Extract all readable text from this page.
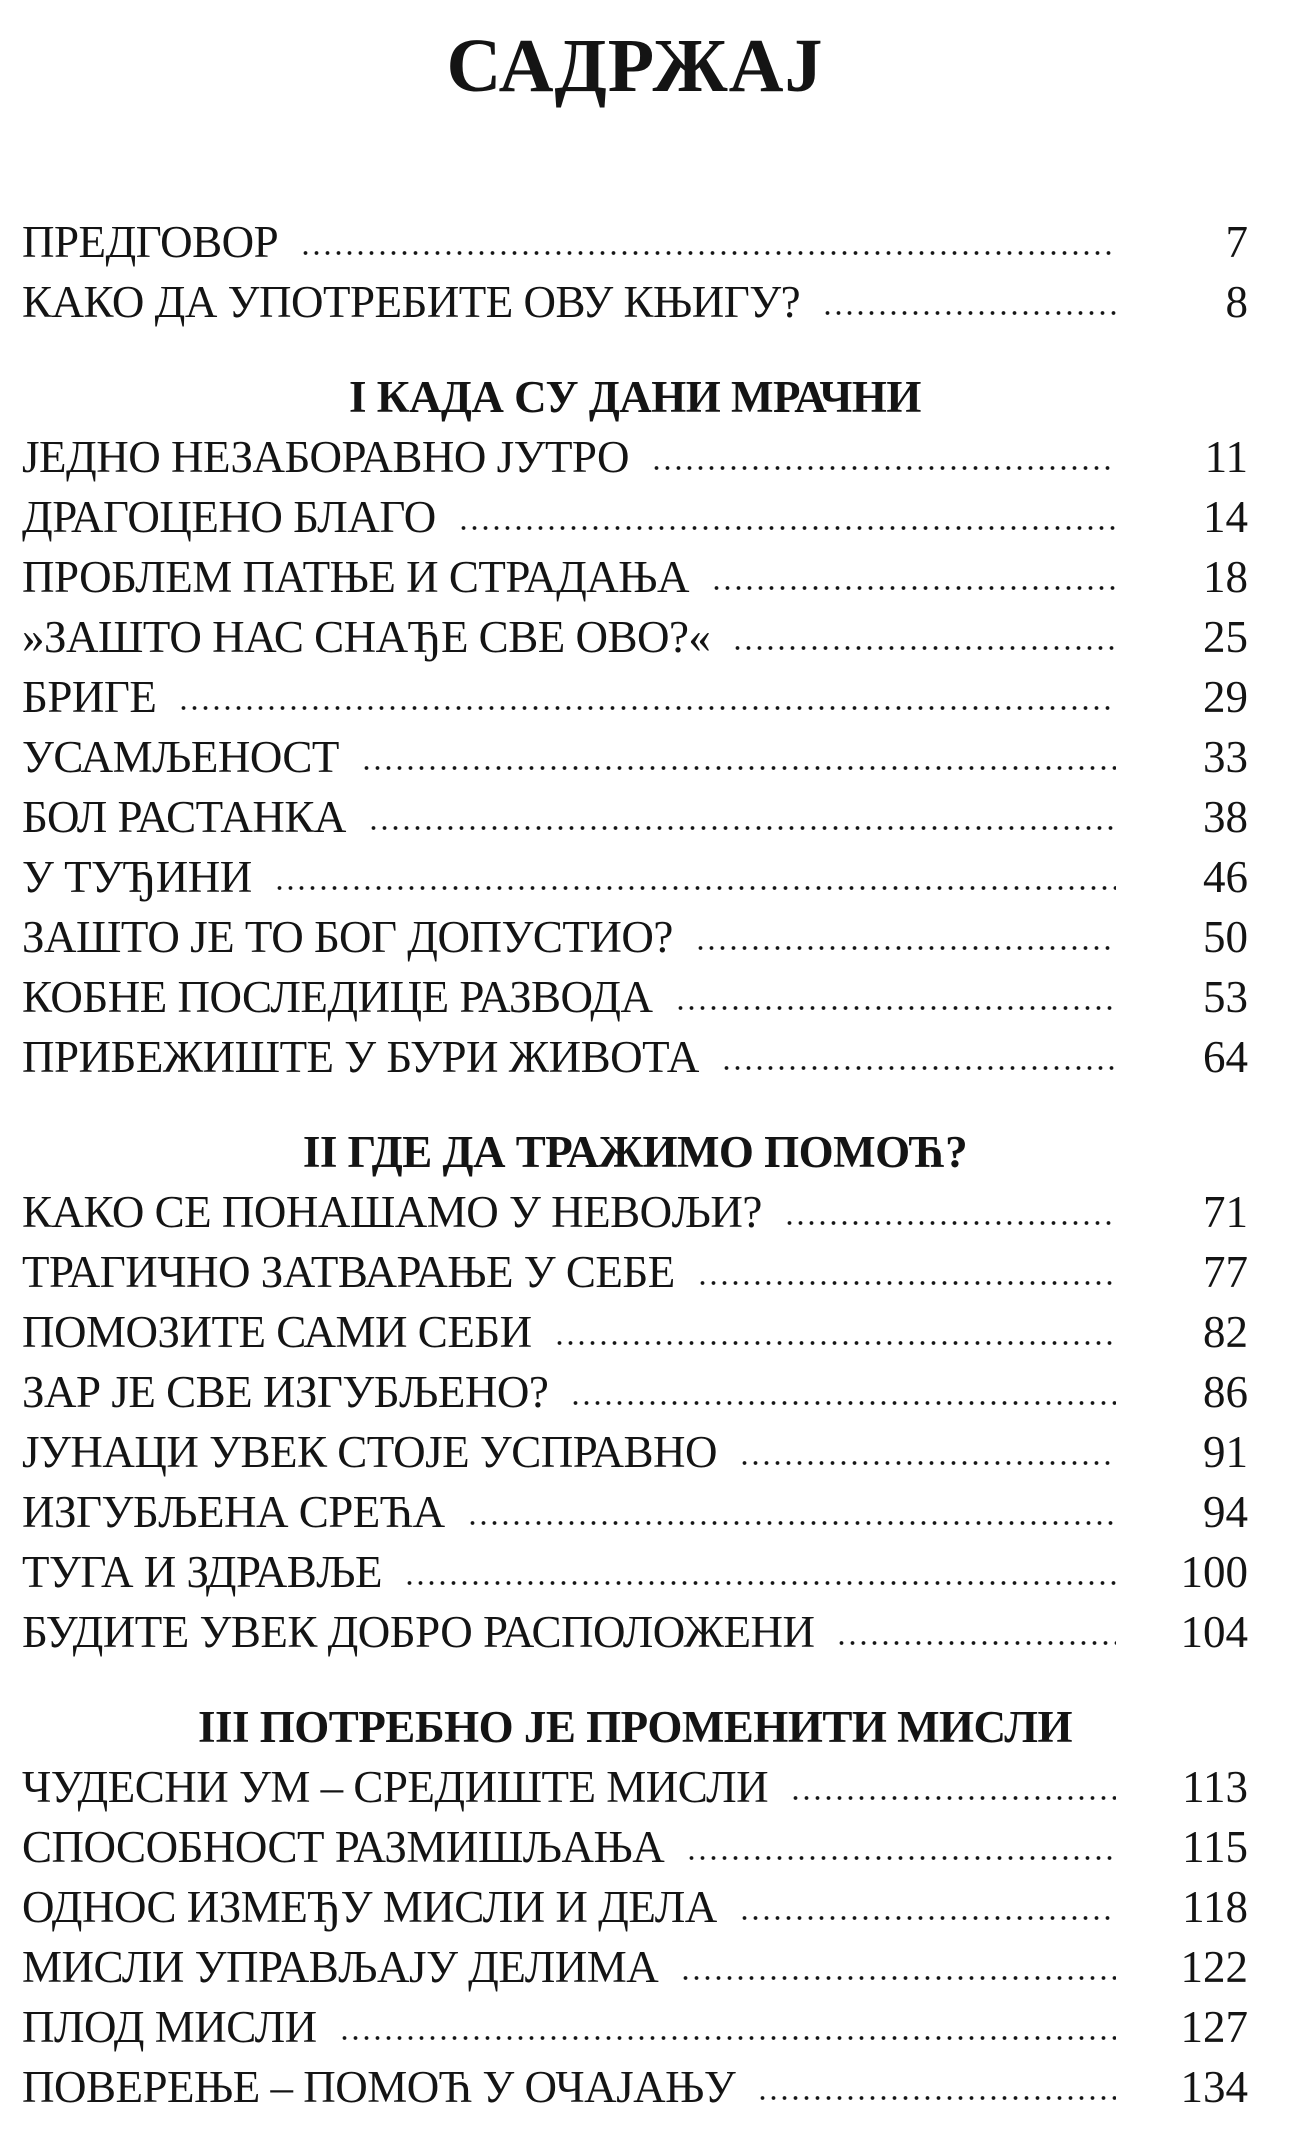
САДРЖАЈ
ПРЕДГОВОР	7
КАКО ДА УПОТРЕБИТЕ ОВУ КЊИГУ?	8
I КАДА СУ ДАНИ МРАЧНИ
ЈЕДНО НЕЗАБОРАВНО ЈУТРО	11
ДРАГОЦЕНО БЛАГО	14
ПРОБЛЕМ ПАТЊЕ И СТРАДАЊА	18
»ЗАШТО НАС СНАЂЕ СВЕ ОВО?«	25
БРИГЕ	29
УСАМЉЕНОСТ	33
БОЛ РАСТАНКА	38
У ТУЂИНИ	46
ЗАШТО ЈЕ ТО БОГ ДОПУСТИО?	50
КОБНЕ ПОСЛЕДИЦЕ РАЗВОДА	53
ПРИБЕЖИШТЕ У БУРИ ЖИВОТА	64
II ГДЕ ДА ТРАЖИМО ПОМОЋ?
КАКО СЕ ПОНАШАМО У НЕВОЉИ?	71
ТРАГИЧНО ЗАТВАРАЊЕ У СЕБЕ	77
ПОМОЗИТЕ САМИ СЕБИ	82
ЗАР ЈЕ СВЕ ИЗГУБЉЕНО?	86
ЈУНАЦИ УВЕК СТОЈЕ УСПРАВНО	91
ИЗГУБЉЕНА СРЕЋА	94
ТУГА И ЗДРАВЉЕ	100
БУДИТЕ УВЕК ДОБРО РАСПОЛОЖЕНИ	104
III ПОТРЕБНО ЈЕ ПРОМЕНИТИ МИСЛИ
ЧУДЕСНИ УМ – СРЕДИШТЕ МИСЛИ	113
СПОСОБНОСТ РАЗМИШЉАЊА	115
ОДНОС ИЗМЕЂУ МИСЛИ И ДЕЛА	118
МИСЛИ УПРАВЉАЈУ ДЕЛИМА	122
ПЛОД МИСЛИ	127
ПОВЕРЕЊЕ – ПОМОЋ У ОЧАЈАЊУ	134
